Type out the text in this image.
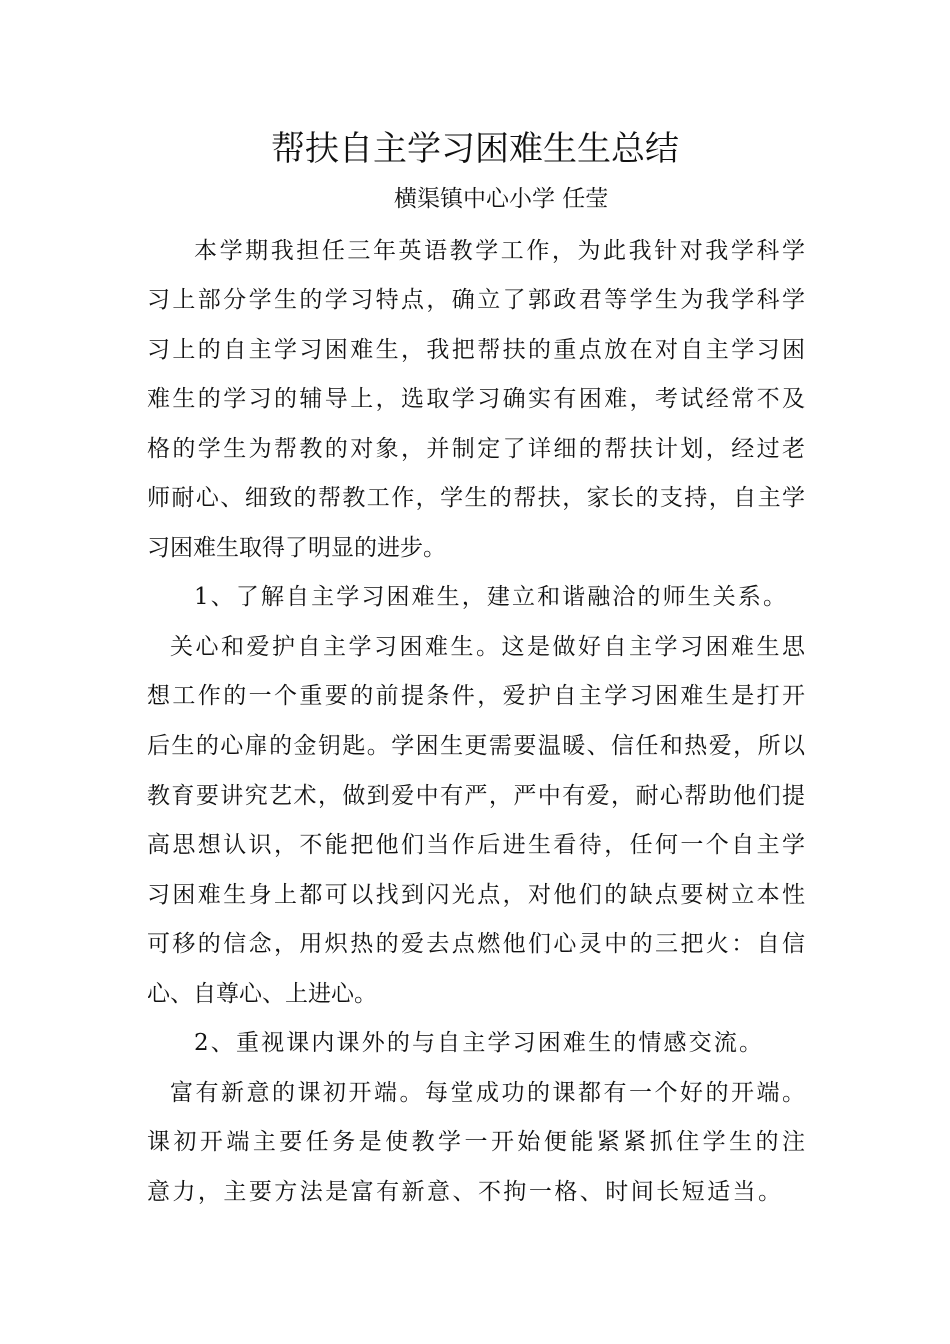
帮扶自主学习困难生生总结
横渠镇中心小学 任莹
本学期我担任三年英语教学工作，为此我针对我学科学
习上部分学生的学习特点，确立了郭政君等学生为我学科学
习上的自主学习困难生，我把帮扶的重点放在对自主学习困
难生的学习的辅导上，选取学习确实有困难，考试经常不及
格的学生为帮教的对象，并制定了详细的帮扶计划，经过老
师耐心、细致的帮教工作，学生的帮扶，家长的支持，自主学
习困难生取得了明显的进步。
1、了解自主学习困难生，建立和谐融洽的师生关系。
关心和爱护自主学习困难生。这是做好自主学习困难生思
想工作的一个重要的前提条件，爱护自主学习困难生是打开
后生的心扉的金钥匙。学困生更需要温暖、信任和热爱，所以
教育要讲究艺术，做到爱中有严，严中有爱，耐心帮助他们提
高思想认识，不能把他们当作后进生看待，任何一个自主学
习困难生身上都可以找到闪光点，对他们的缺点要树立本性
可移的信念，用炽热的爱去点燃他们心灵中的三把火：自信
心、自尊心、上进心。
2、重视课内课外的与自主学习困难生的情感交流。
富有新意的课初开端。每堂成功的课都有一个好的开端。
课初开端主要任务是使教学一开始便能紧紧抓住学生的注
意力，主要方法是富有新意、不拘一格、时间长短适当。
